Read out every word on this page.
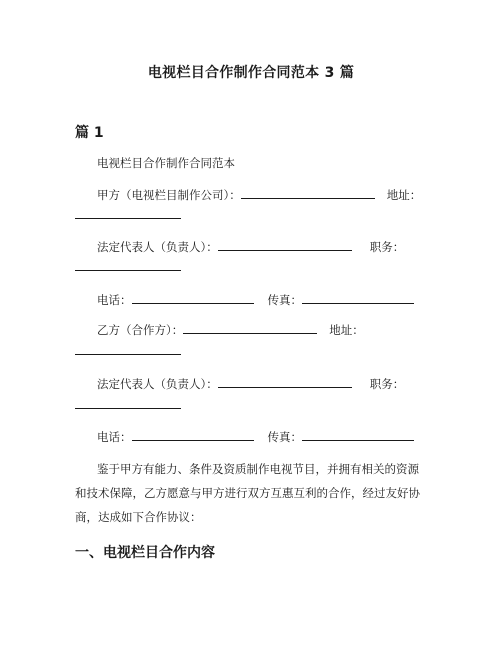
电视栏目合作制作合同范本 3 篇
篇 1
电视栏目合作制作合同范本
甲方（电视栏目制作公司）：	地址：
法定代表人（负责人）：	职务：
电话：	传真：
乙方（合作方）：	地址：
法定代表人（负责人）：	职务：
电话：	传真：
鉴于甲方有能力、条件及资质制作电视节目，并拥有相关的资源
和技术保障，乙方愿意与甲方进行双方互惠互利的合作，经过友好协
商，达成如下合作协议：
一、电视栏目合作内容
